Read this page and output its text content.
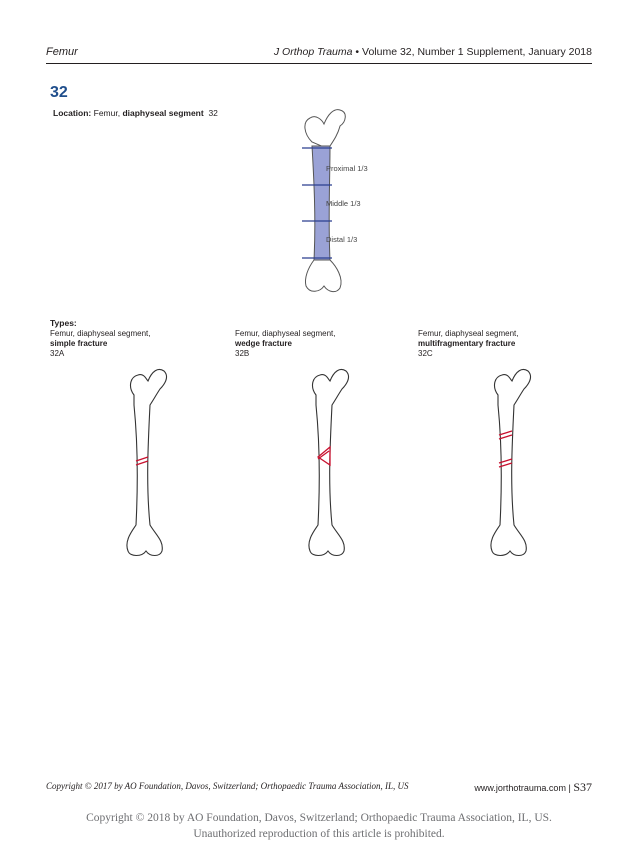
Femur	J Orthop Trauma • Volume 32, Number 1 Supplement, January 2018
32
Location: Femur, diaphyseal segment 32
Proximal 1/3
Middle 1/3
Distal 1/3
Types:
Femur, diaphyseal segment,
simple fracture
32A
Femur, diaphyseal segment,
wedge fracture
32B
Femur, diaphyseal segment,
multifragmentary fracture
32C
Copyright © 2017 by AO Foundation, Davos, Switzerland; Orthopaedic Trauma Association, IL, US	www.jorthotrauma.com | S37
Copyright © 2018 by AO Foundation, Davos, Switzerland; Orthopaedic Trauma Association, IL, US.
Unauthorized reproduction of this article is prohibited.
